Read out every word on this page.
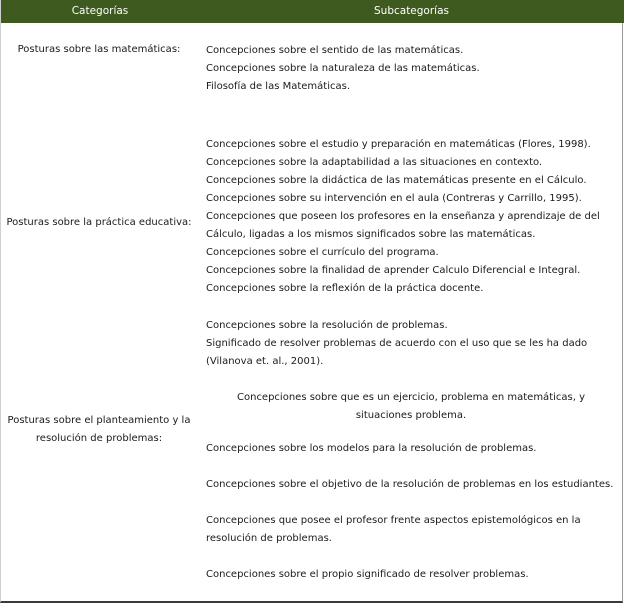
Categorías	Subcategorías
Posturas sobre las matemáticas:	Concepciones sobre el sentido de las matemáticas.
Concepciones sobre la naturaleza de las matemáticas.
Filosofía de las Matemáticas.
Posturas sobre la práctica educativa:
Concepciones sobre el estudio y preparación en matemáticas (Flores, 1998).
Concepciones sobre la adaptabilidad a las situaciones en contexto.
Concepciones sobre la didáctica de las matemáticas presente en el Cálculo.
Concepciones sobre su intervención en el aula (Contreras y Carrillo, 1995).
Concepciones que poseen los profesores en la enseñanza y aprendizaje de del Cálculo, ligadas a los mismos significados sobre las matemáticas.
Concepciones sobre el currículo del programa.
Concepciones sobre la finalidad de aprender Calculo Diferencial e Integral.
Concepciones sobre la reflexión de la práctica docente.
Posturas sobre el planteamiento y la resolución de problemas:
Concepciones sobre la resolución de problemas.
Significado de resolver problemas de acuerdo con el uso que se les ha dado (Vilanova et. al., 2001).
Concepciones sobre que es un ejercicio, problema en matemáticas, y situaciones problema.
Concepciones sobre los modelos para la resolución de problemas.
Concepciones sobre el objetivo de la resolución de problemas en los estudiantes.
Concepciones que posee el profesor frente aspectos epistemológicos en la resolución de problemas.
Concepciones sobre el propio significado de resolver problemas.
